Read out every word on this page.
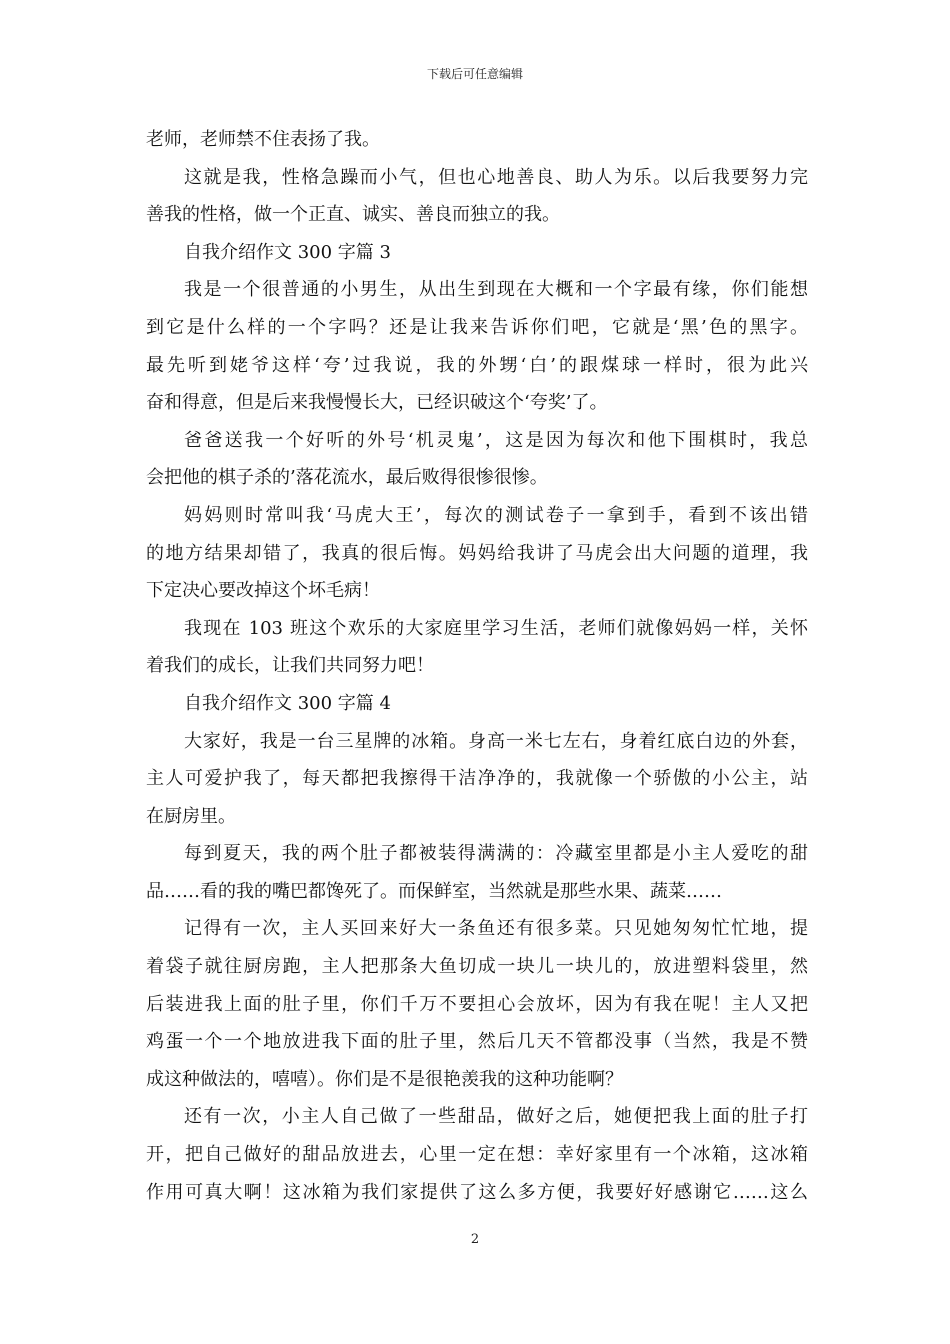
下载后可任意编辑
老师，老师禁不住表扬了我。
这就是我，性格急躁而小气，但也心地善良、助人为乐。以后我要努力完
善我的性格，做一个正直、诚实、善良而独立的我。
自我介绍作文 300 字篇 3
我是一个很普通的小男生，从出生到现在大概和一个字最有缘，你们能想
到它是什么样的一个字吗？还是让我来告诉你们吧，它就是‘黑’色的黑字。
最先听到姥爷这样‘夸’过我说，我的外甥‘白’的跟煤球一样时，很为此兴
奋和得意，但是后来我慢慢长大，已经识破这个‘夸奖’了。
爸爸送我一个好听的外号‘机灵鬼’，这是因为每次和他下围棋时，我总
会把他的棋子杀的’落花流水，最后败得很惨很惨。
妈妈则时常叫我‘马虎大王’，每次的测试卷子一拿到手，看到不该出错
的地方结果却错了，我真的很后悔。妈妈给我讲了马虎会出大问题的道理，我
下定决心要改掉这个坏毛病！
我现在 103 班这个欢乐的大家庭里学习生活，老师们就像妈妈一样，关怀
着我们的成长，让我们共同努力吧！
自我介绍作文 300 字篇 4
大家好，我是一台三星牌的冰箱。身高一米七左右，身着红底白边的外套，
主人可爱护我了，每天都把我擦得干洁净净的，我就像一个骄傲的小公主，站
在厨房里。
每到夏天，我的两个肚子都被装得满满的：冷藏室里都是小主人爱吃的甜
品……看的我的嘴巴都馋死了。而保鲜室，当然就是那些水果、蔬菜……
记得有一次，主人买回来好大一条鱼还有很多菜。只见她匆匆忙忙地，提
着袋子就往厨房跑，主人把那条大鱼切成一块儿一块儿的，放进塑料袋里，然
后装进我上面的肚子里，你们千万不要担心会放坏，因为有我在呢！主人又把
鸡蛋一个一个地放进我下面的肚子里，然后几天不管都没事（当然，我是不赞
成这种做法的，嘻嘻）。你们是不是很艳羡我的这种功能啊？
还有一次，小主人自己做了一些甜品，做好之后，她便把我上面的肚子打
开，把自己做好的甜品放进去，心里一定在想：幸好家里有一个冰箱，这冰箱
作用可真大啊！这冰箱为我们家提供了这么多方便，我要好好感谢它……这么
2
